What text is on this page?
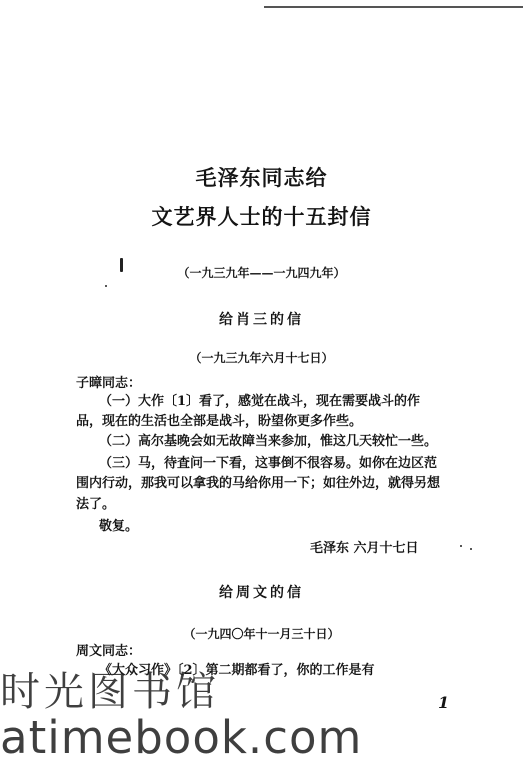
毛泽东同志给
文艺界人士的十五封信
（一九三九年——一九四九年）
给肖三的信
（一九三九年六月十七日）
子暲同志：
（一）大作〔1〕看了，感觉在战斗，现在需要战斗的作
品，现在的生活也全部是战斗，盼望你更多作些。
（二）高尔基晚会如无故障当来参加，惟这几天较忙一些。
（三）马，待査问一下看，这事倒不很容易。如你在边区范
围内行动，那我可以拿我的马给你用一下；如往外边，就得另想
法了。
敬复。
毛泽东 六月十七日
给周文的信
（一九四〇年十一月三十日）
周文同志：
《大众习作》〔2〕第二期都看了，你的工作是有
1
时光图书馆
atimebook.com
